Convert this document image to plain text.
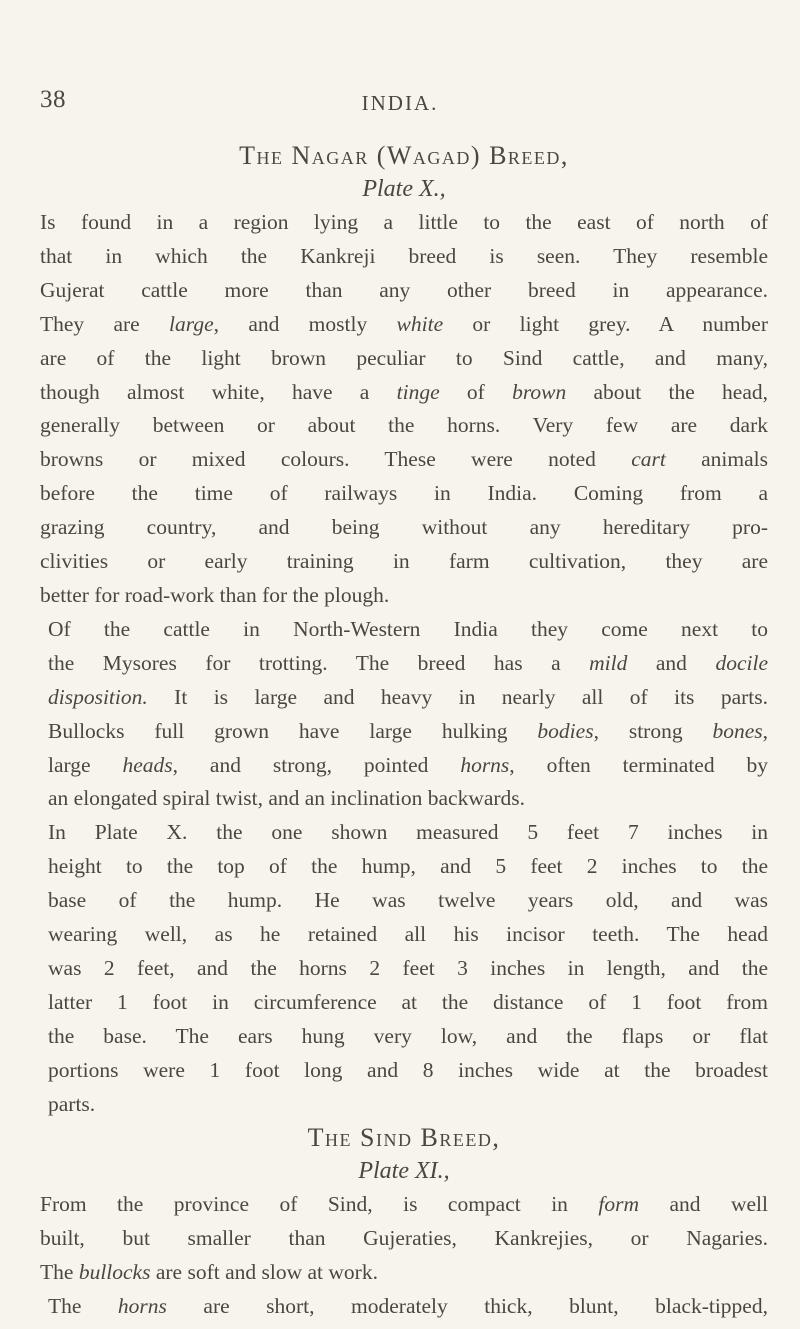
38	INDIA.
The Nagar (Wagad) Breed,
Plate X.,
Is found in a region lying a little to the east of north of
that in which the Kankreji breed is seen. They resemble
Gujerat cattle more than any other breed in appearance.
They are large, and mostly white or light grey. A number
are of the light brown peculiar to Sind cattle, and many,
though almost white, have a tinge of brown about the head,
generally between or about the horns. Very few are dark
browns or mixed colours. These were noted cart animals
before the time of railways in India. Coming from a
grazing country, and being without any hereditary pro-
clivities or early training in farm cultivation, they are
better for road-work than for the plough.
Of the cattle in North-Western India they come next to
the Mysores for trotting. The breed has a mild and docile
disposition. It is large and heavy in nearly all of its parts.
Bullocks full grown have large hulking bodies, strong bones,
large heads, and strong, pointed horns, often terminated by
an elongated spiral twist, and an inclination backwards.
In Plate X. the one shown measured 5 feet 7 inches in
height to the top of the hump, and 5 feet 2 inches to the
base of the hump. He was twelve years old, and was
wearing well, as he retained all his incisor teeth. The head
was 2 feet, and the horns 2 feet 3 inches in length, and the
latter 1 foot in circumference at the distance of 1 foot from
the base. The ears hung very low, and the flaps or flat
portions were 1 foot long and 8 inches wide at the broadest
parts.
The Sind Breed,
Plate XI.,
From the province of Sind, is compact in form and well
built, but smaller than Gujeraties, Kankrejies, or Nagaries.
The bullocks are soft and slow at work.
The horns are short, moderately thick, blunt, black-tipped,
